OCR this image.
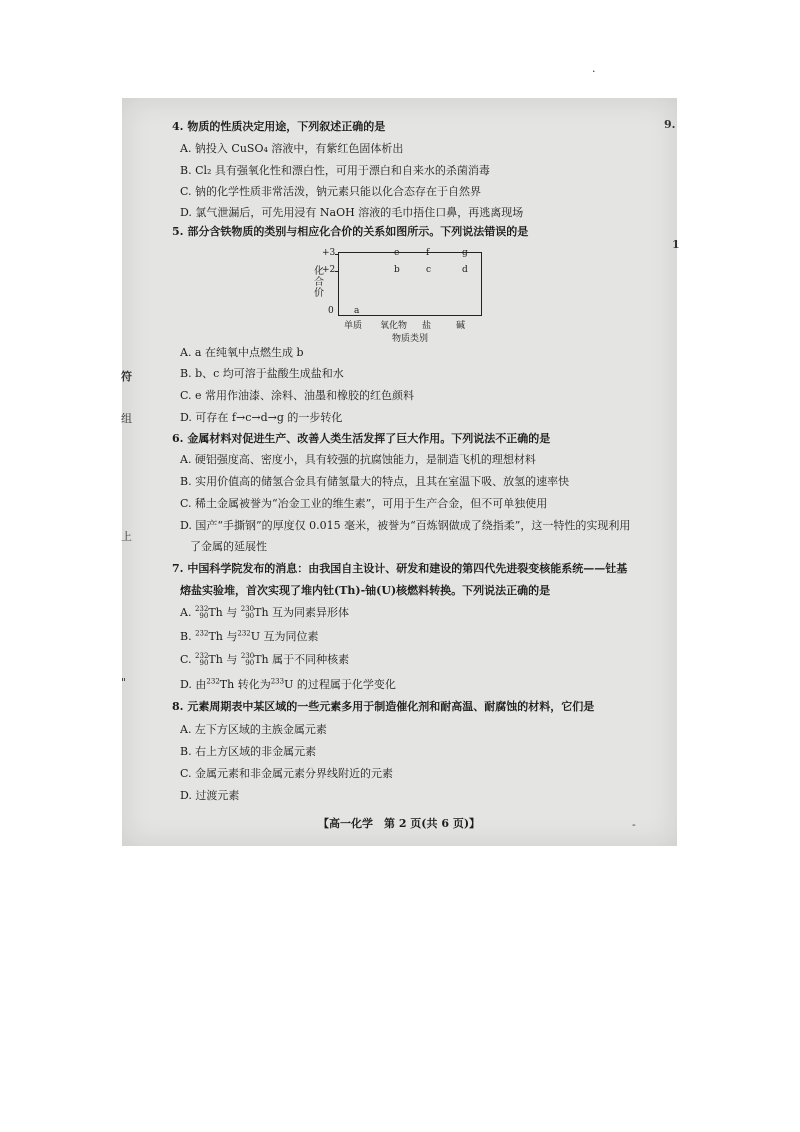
.
9.
1
符
组
上
"
4. 物质的性质决定用途，下列叙述正确的是
A. 钠投入 CuSO₄ 溶液中，有紫红色固体析出
B. Cl₂ 具有强氧化性和漂白性，可用于漂白和自来水的杀菌消毒
C. 钠的化学性质非常活泼，钠元素只能以化合态存在于自然界
D. 氯气泄漏后，可先用浸有 NaOH 溶液的毛巾捂住口鼻，再逃离现场
5. 部分含铁物质的类别与相应化合价的关系如图所示。下列说法错误的是
化合价
+3
+2
0 a
e
b
f
c
g
d
单质 氧化物 盐	碱
物质类别
A. a 在纯氧中点燃生成 b
B. b、c 均可溶于盐酸生成盐和水
C. e 常用作油漆、涂料、油墨和橡胶的红色颜料
D. 可存在 f→c→d→g 的一步转化
6. 金属材料对促进生产、改善人类生活发挥了巨大作用。下列说法不正确的是
A. 硬铝强度高、密度小，具有较强的抗腐蚀能力，是制造飞机的理想材料
B. 实用价值高的储氢合金具有储氢量大的特点，且其在室温下吸、放氢的速率快
C. 稀土金属被誉为“冶金工业的维生素”，可用于生产合金，但不可单独使用
D. 国产“手撕钢”的厚度仅 0.015 毫米，被誉为“百炼钢做成了绕指柔”，这一特性的实现利用
了金属的延展性
7. 中国科学院发布的消息：由我国自主设计、研发和建设的第四代先进裂变核能系统——钍基
熔盐实验堆，首次实现了堆内钍(Th)-铀(U)核燃料转换。下列说法正确的是
A. 232
90Th 与 230
90Th 互为同素异形体
B. $^{232}$Th 与$^{232}$U 互为同位素
C. 232
90Th 与 230
90Th 属于不同种核素
D. 由$^{232}$Th 转化为$^{233}$U 的过程属于化学变化
8. 元素周期表中某区域的一些元素多用于制造催化剂和耐高温、耐腐蚀的材料，它们是
A. 左下方区域的主族金属元素
B. 右上方区域的非金属元素
C. 金属元素和非金属元素分界线附近的元素
D. 过渡元素
【高一化学　第 2 页(共 6 页)】	-
